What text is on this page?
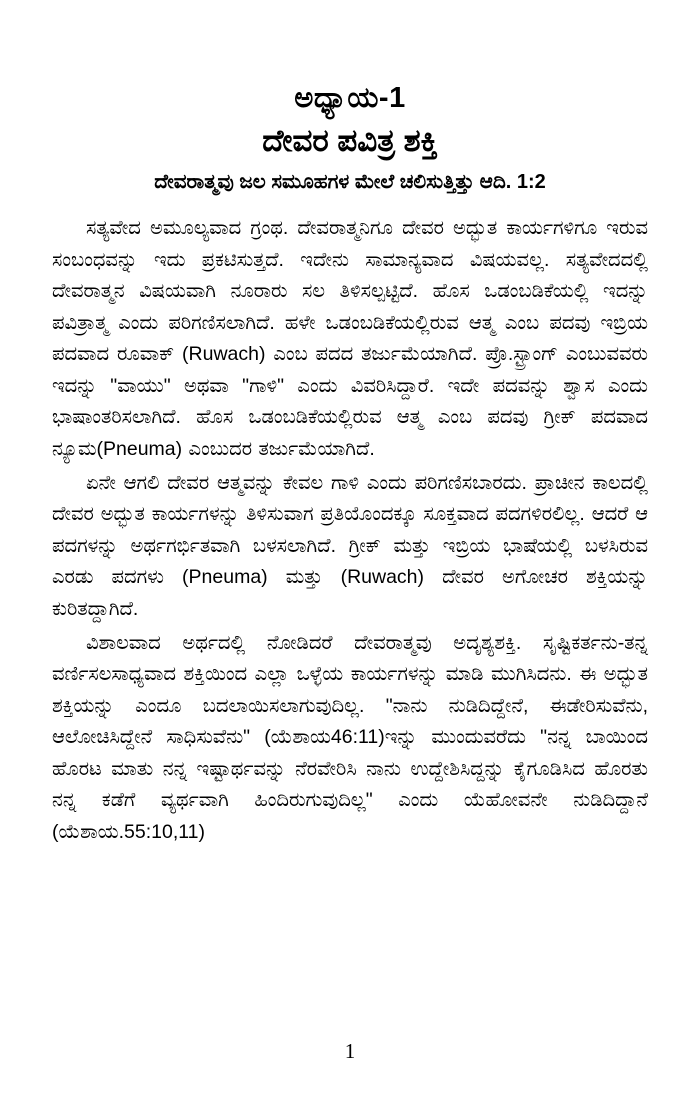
ಅಧ್ಯಾಯ-1
ದೇವರ ಪವಿತ್ರ ಶಕ್ತಿ
ದೇವರಾತ್ಮವು ಜಲ ಸಮೂಹಗಳ ಮೇಲೆ ಚಲಿಸುತ್ತಿತ್ತು ಆದಿ. 1:2

ಸತ್ಯವೇದ ಅಮೂಲ್ಯವಾದ ಗ್ರಂಥ. ದೇವರಾತ್ಮನಿಗೂ ದೇವರ ಅದ್ಭುತ ಕಾರ್ಯಗಳಿಗೂ ಇರುವ ಸಂಬಂಧವನ್ನು ಇದು ಪ್ರಕಟಿಸುತ್ತದೆ. ಇದೇನು ಸಾಮಾನ್ಯವಾದ ವಿಷಯವಲ್ಲ. ಸತ್ಯವೇದದಲ್ಲಿ ದೇವರಾತ್ಮನ ವಿಷಯವಾಗಿ ನೂರಾರು ಸಲ ತಿಳಿಸಲ್ಪಟ್ಟಿದೆ. ಹೊಸ ಒಡಂಬಡಿಕೆಯಲ್ಲಿ ಇದನ್ನು ಪವಿತ್ರಾತ್ಮ ಎಂದು ಪರಿಗಣಿಸಲಾಗಿದೆ. ಹಳೇ ಒಡಂಬಡಿಕೆಯಲ್ಲಿರುವ ಆತ್ಮ ಎಂಬ ಪದವು ಇಬ್ರಿಯ ಪದವಾದ ರೂವಾಕ್ (Ruwach) ಎಂಬ ಪದದ ತರ್ಜುಮೆಯಾಗಿದೆ. ಪ್ರೊ.ಸ್ಟ್ರಾಂಗ್ ಎಂಬುವವರು ಇದನ್ನು "ವಾಯು" ಅಥವಾ "ಗಾಳಿ" ಎಂದು ವಿವರಿಸಿದ್ದಾರೆ. ಇದೇ ಪದವನ್ನು ಶ್ವಾಸ ಎಂದು ಭಾಷಾಂತರಿಸಲಾಗಿದೆ. ಹೊಸ ಒಡಂಬಡಿಕೆಯಲ್ಲಿರುವ ಆತ್ಮ ಎಂಬ ಪದವು ಗ್ರೀಕ್ ಪದವಾದ ನ್ಯೂಮ(Pneuma) ಎಂಬುದರ ತರ್ಜುಮೆಯಾಗಿದೆ.

ಏನೇ ಆಗಲಿ ದೇವರ ಆತ್ಮವನ್ನು ಕೇವಲ ಗಾಳಿ ಎಂದು ಪರಿಗಣಿಸಬಾರದು. ಪ್ರಾಚೀನ ಕಾಲದಲ್ಲಿ ದೇವರ ಅದ್ಭುತ ಕಾರ್ಯಗಳನ್ನು ತಿಳಿಸುವಾಗ ಪ್ರತಿಯೊಂದಕ್ಕೂ ಸೂಕ್ತವಾದ ಪದಗಳಿರಲಿಲ್ಲ. ಆದರೆ ಆ ಪದಗಳನ್ನು ಅರ್ಥಗರ್ಭಿತವಾಗಿ ಬಳಸಲಾಗಿದೆ. ಗ್ರೀಕ್ ಮತ್ತು ಇಬ್ರಿಯ ಭಾಷೆಯಲ್ಲಿ ಬಳಸಿರುವ ಎರಡು ಪದಗಳು (Pneuma) ಮತ್ತು (Ruwach) ದೇವರ ಅಗೋಚರ ಶಕ್ತಿಯನ್ನು ಕುರಿತದ್ದಾಗಿದೆ.

ವಿಶಾಲವಾದ ಅರ್ಥದಲ್ಲಿ ನೋಡಿದರೆ ದೇವರಾತ್ಮವು ಅದೃಶ್ಯಶಕ್ತಿ. ಸೃಷ್ಟಿಕರ್ತನು-ತನ್ನ ವರ್ಣಿಸಲಸಾಧ್ಯವಾದ ಶಕ್ತಿಯಿಂದ ಎಲ್ಲಾ ಒಳ್ಳೆಯ ಕಾರ್ಯಗಳನ್ನು ಮಾಡಿ ಮುಗಿಸಿದನು. ಈ ಅದ್ಭುತ ಶಕ್ತಿಯನ್ನು ಎಂದೂ ಬದಲಾಯಿಸಲಾಗುವುದಿಲ್ಲ. "ನಾನು ನುಡಿದಿದ್ದೇನೆ, ಈಡೇರಿಸುವೆನು, ಆಲೋಚಿಸಿದ್ದೇನೆ ಸಾಧಿಸುವೆನು" (ಯೆಶಾಯ46:11)ಇನ್ನು ಮುಂದುವರೆದು "ನನ್ನ ಬಾಯಿಂದ ಹೊರಟ ಮಾತು ನನ್ನ ಇಷ್ಟಾರ್ಥವನ್ನು ನೆರವೇರಿಸಿ ನಾನು ಉದ್ದೇಶಿಸಿದ್ದನ್ನು ಕೈಗೂಡಿಸಿದ ಹೊರತು ನನ್ನ ಕಡೆಗೆ ವ್ಯರ್ಥವಾಗಿ ಹಿಂದಿರುಗುವುದಿಲ್ಲ" ಎಂದು ಯೆಹೋವನೇ ನುಡಿದಿದ್ದಾನೆ (ಯೆಶಾಯ.55:10,11)

1
